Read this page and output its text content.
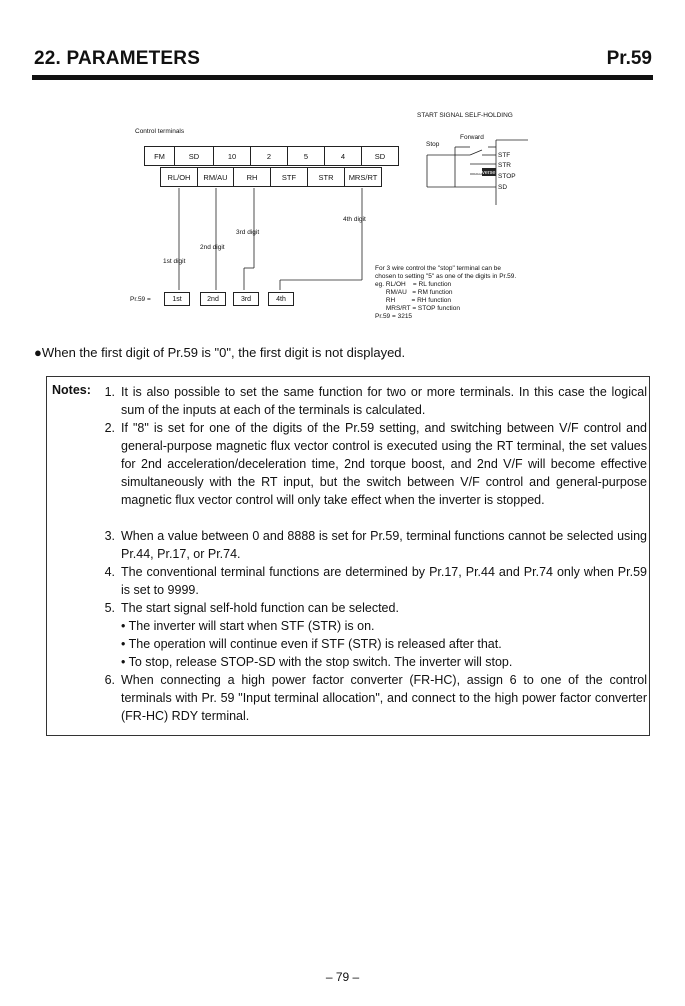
22. PARAMETERS	Pr.59
Control terminals
FM	SD	10	2	5	4	SD
RL/OH	RM/AU	RH	STF	STR	MRS/RT
4th digit
3rd digit
2nd digit
1st digit
Pr.59 =	1st	2nd	3rd	4th
START SIGNAL SELF-HOLDING
Forward
Stop
Reverse
STF
STR
STOP
SD
For 3 wire control the "stop" terminal can be
chosen to setting "5" as one of the digits in Pr.59.
eg. RL/OH    = RL function
RM/AU   = RM function
RH         = RH function
MRS/RT = STOP function
Pr.59 = 3215
●When the first digit of Pr.59 is "0", the first digit is not displayed.
Notes: 1. It is also possible to set the same function for two or more terminals. In this case the logical sum of the inputs at each of the terminals is calculated.
2. If "8" is set for one of the digits of the Pr.59 setting, and switching between V/F control and general-purpose magnetic flux vector control is executed using the RT terminal, the set values for 2nd acceleration/deceleration time, 2nd torque boost, and 2nd V/F will become effective simultaneously with the RT input, but the switch between V/F control and general-purpose magnetic flux vector control will only take effect when the inverter is stopped.
3. When a value between 0 and 8888 is set for Pr.59, terminal functions cannot be selected using Pr.44, Pr.17, or Pr.74.
4. The conventional terminal functions are determined by Pr.17, Pr.44 and Pr.74 only when Pr.59 is set to 9999.
5. The start signal self-hold function can be selected.
• The inverter will start when STF (STR) is on.
• The operation will continue even if STF (STR) is released after that.
• To stop, release STOP-SD with the stop switch. The inverter will stop.
6. When connecting a high power factor converter (FR-HC), assign 6 to one of the control terminals with Pr. 59 "Input terminal allocation", and connect to the high power factor converter (FR-HC) RDY terminal.
– 79 –
